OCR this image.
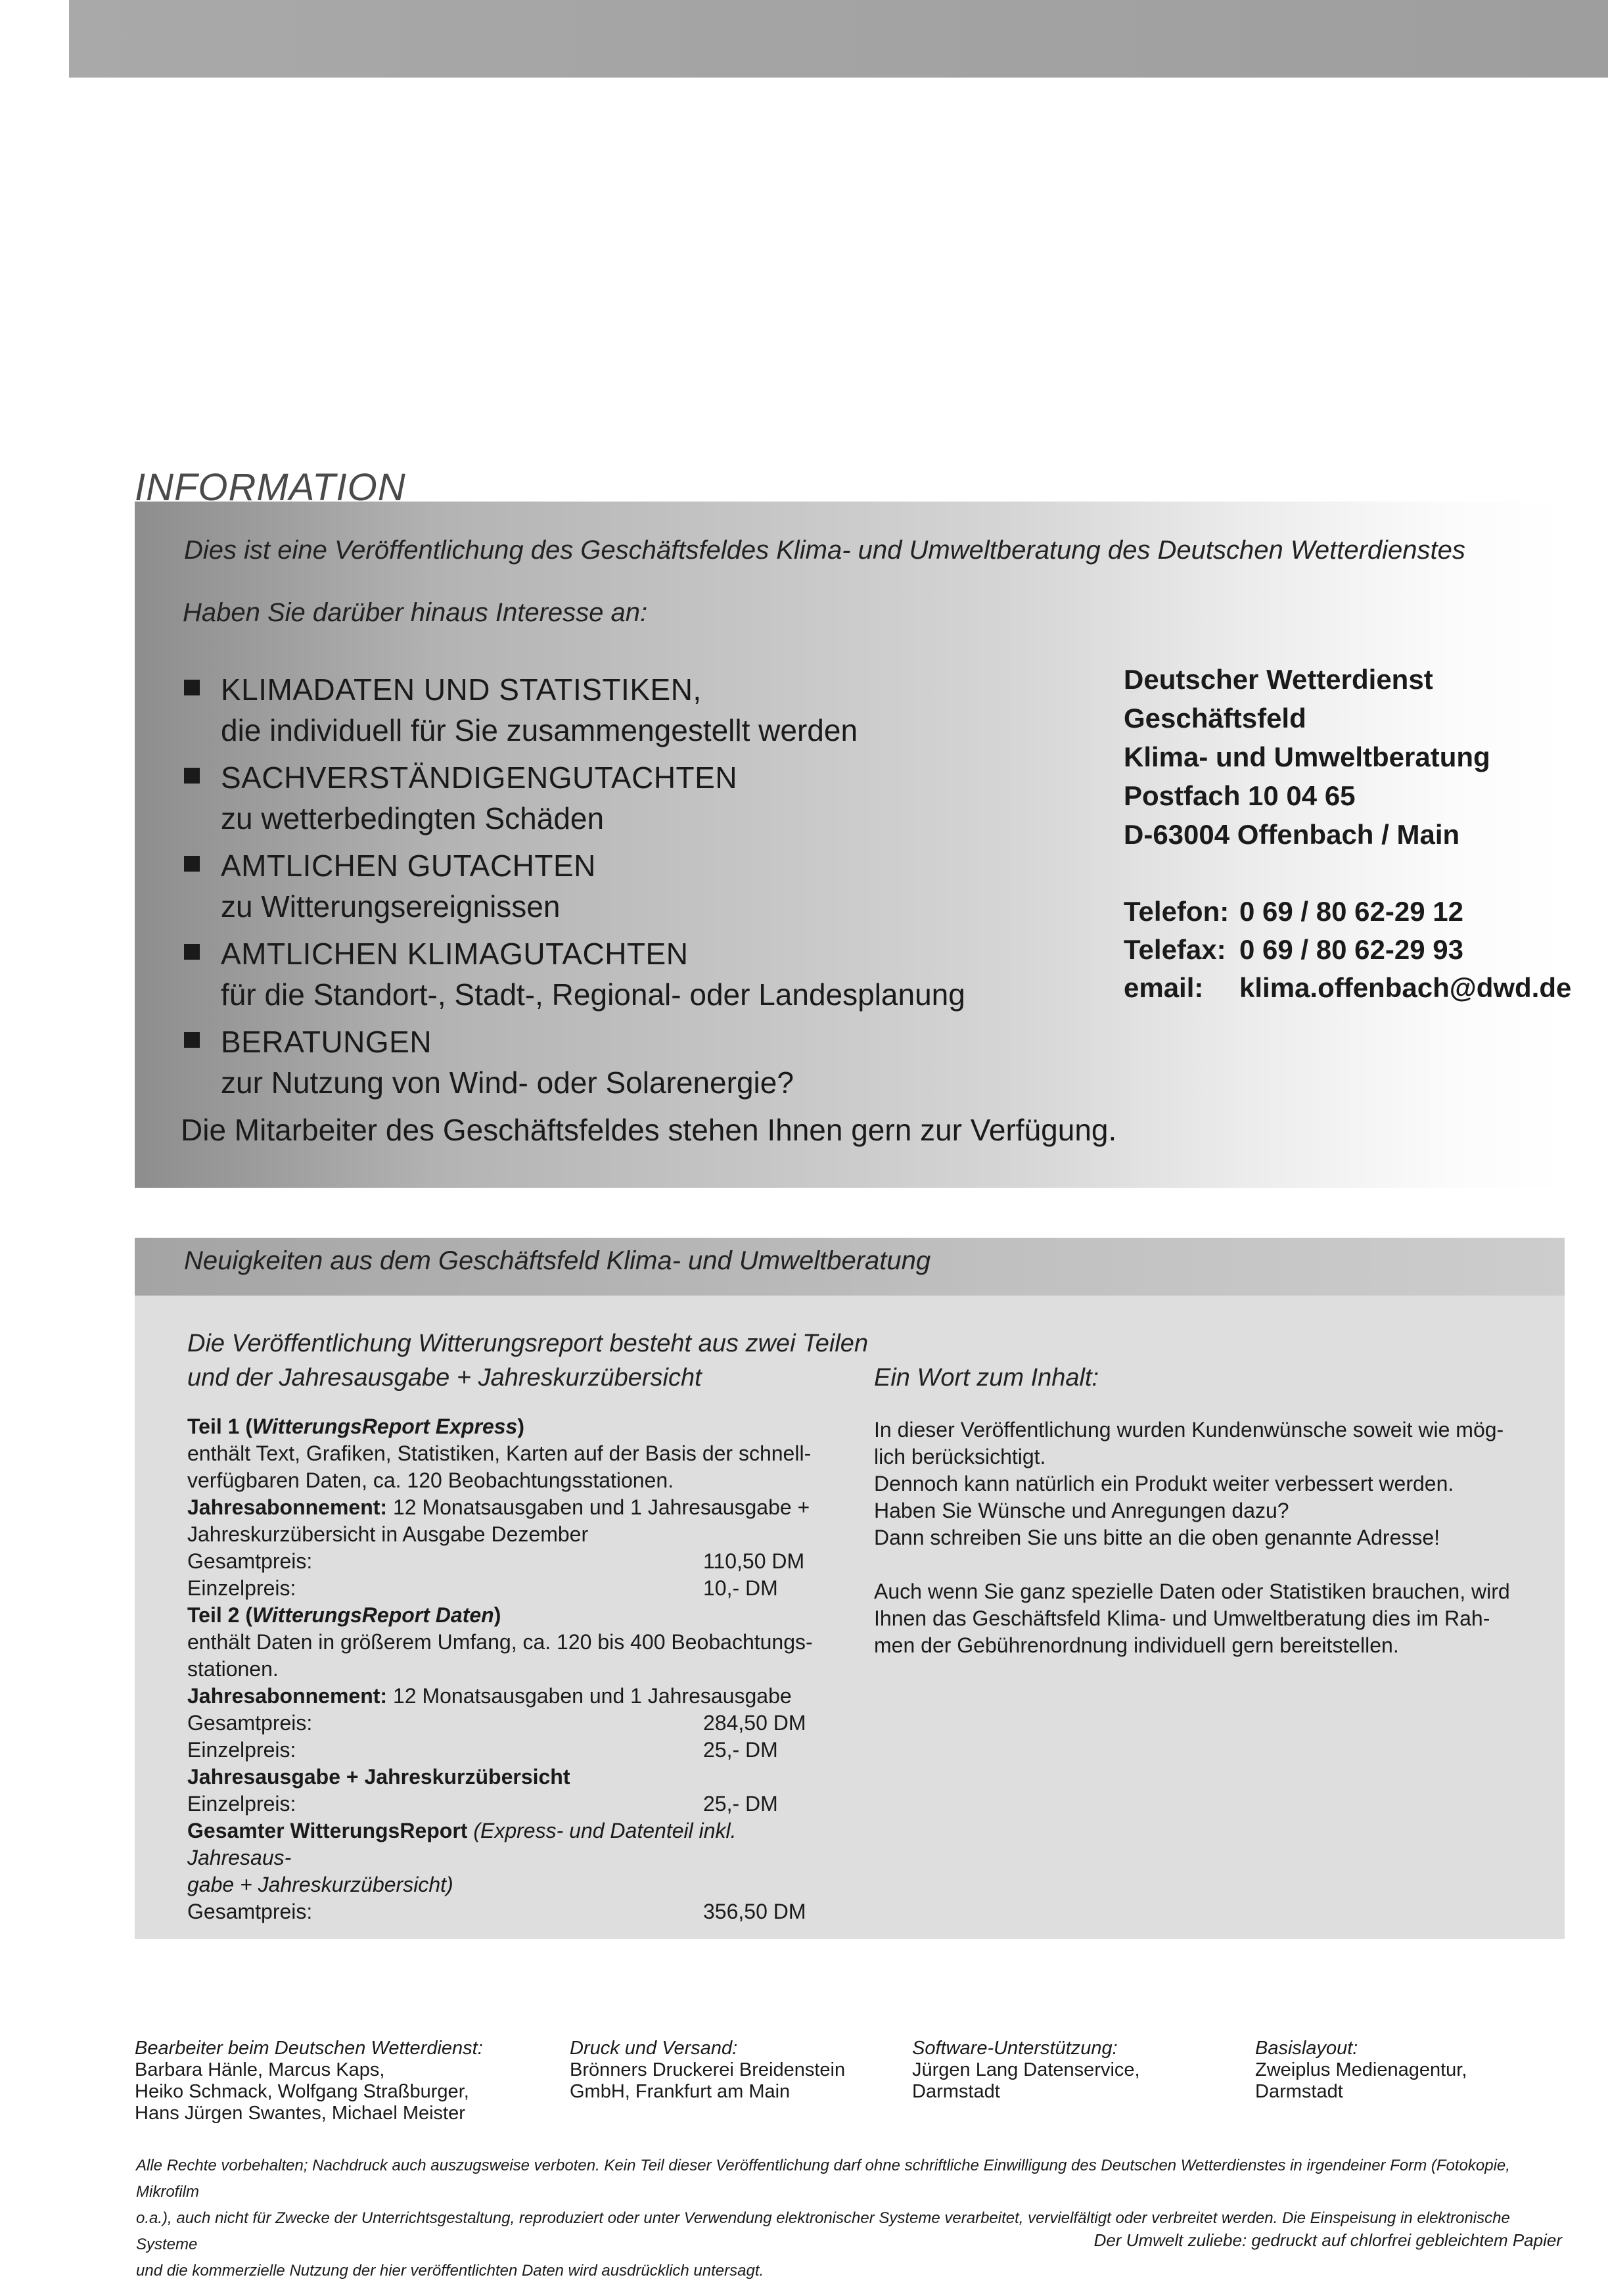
INFORMATION
Dies ist eine Veröffentlichung des Geschäftsfeldes Klima- und Umweltberatung des Deutschen Wetterdienstes
Haben Sie darüber hinaus Interesse an:
KLIMADATEN UND STATISTIKEN,
die individuell für Sie zusammengestellt werden
SACHVERSTÄNDIGENGUTACHTEN
zu wetterbedingten Schäden
AMTLICHEN GUTACHTEN
zu Witterungsereignissen
AMTLICHEN KLIMAGUTACHTEN
für die Standort-, Stadt-, Regional- oder Landesplanung
BERATUNGEN
zur Nutzung von Wind- oder Solarenergie?
Die Mitarbeiter des Geschäftsfeldes stehen Ihnen gern zur Verfügung.
Deutscher Wetterdienst
Geschäftsfeld
Klima- und Umweltberatung
Postfach 10 04 65
D-63004 Offenbach / Main
Telefon: 0 69 / 80 62-29 12
Telefax: 0 69 / 80 62-29 93
email: klima.offenbach@dwd.de
Neuigkeiten aus dem Geschäftsfeld Klima- und Umweltberatung
Die Veröffentlichung Witterungsreport besteht aus zwei Teilen
und der Jahresausgabe + Jahreskurzübersicht
Teil 1 (WitterungsReport Express)
enthält Text, Grafiken, Statistiken, Karten auf der Basis der schnell-
verfügbaren Daten, ca. 120 Beobachtungsstationen.
Jahresabonnement: 12 Monatsausgaben und 1 Jahresausgabe +
Jahreskurzübersicht in Ausgabe Dezember
Gesamtpreis:	110,50 DM
Einzelpreis:	10,- DM
Teil 2 (WitterungsReport Daten)
enthält Daten in größerem Umfang, ca. 120 bis 400 Beobachtungs-
stationen.
Jahresabonnement: 12 Monatsausgaben und 1 Jahresausgabe
Gesamtpreis:	284,50 DM
Einzelpreis:	25,- DM
Jahresausgabe + Jahreskurzübersicht
Einzelpreis:	25,- DM
Gesamter WitterungsReport (Express- und Datenteil inkl. Jahresaus-
gabe + Jahreskurzübersicht)
Gesamtpreis:	356,50 DM
Ein Wort zum Inhalt:
In dieser Veröffentlichung wurden Kundenwünsche soweit wie mög-
lich berücksichtigt.
Dennoch kann natürlich ein Produkt weiter verbessert werden.
Haben Sie Wünsche und Anregungen dazu?
Dann schreiben Sie uns bitte an die oben genannte Adresse!
Auch wenn Sie ganz spezielle Daten oder Statistiken brauchen, wird
Ihnen das Geschäftsfeld Klima- und Umweltberatung dies im Rah-
men der Gebührenordnung individuell gern bereitstellen.
Bearbeiter beim Deutschen Wetterdienst:
Barbara Hänle, Marcus Kaps,
Heiko Schmack, Wolfgang Straßburger,
Hans Jürgen Swantes, Michael Meister
Druck und Versand:
Brönners Druckerei Breidenstein
GmbH, Frankfurt am Main
Software-Unterstützung:
Jürgen Lang Datenservice,
Darmstadt
Basislayout:
Zweiplus Medienagentur,
Darmstadt
Alle Rechte vorbehalten; Nachdruck auch auszugsweise verboten. Kein Teil dieser Veröffentlichung darf ohne schriftliche Einwilligung des Deutschen Wetterdienstes in irgendeiner Form (Fotokopie, Mikrofilm
o.a.), auch nicht für Zwecke der Unterrichtsgestaltung, reproduziert oder unter Verwendung elektronischer Systeme verarbeitet, vervielfältigt oder verbreitet werden. Die Einspeisung in elektronische Systeme
und die kommerzielle Nutzung der hier veröffentlichten Daten wird ausdrücklich untersagt.
Der Umwelt zuliebe: gedruckt auf chlorfrei gebleichtem Papier
